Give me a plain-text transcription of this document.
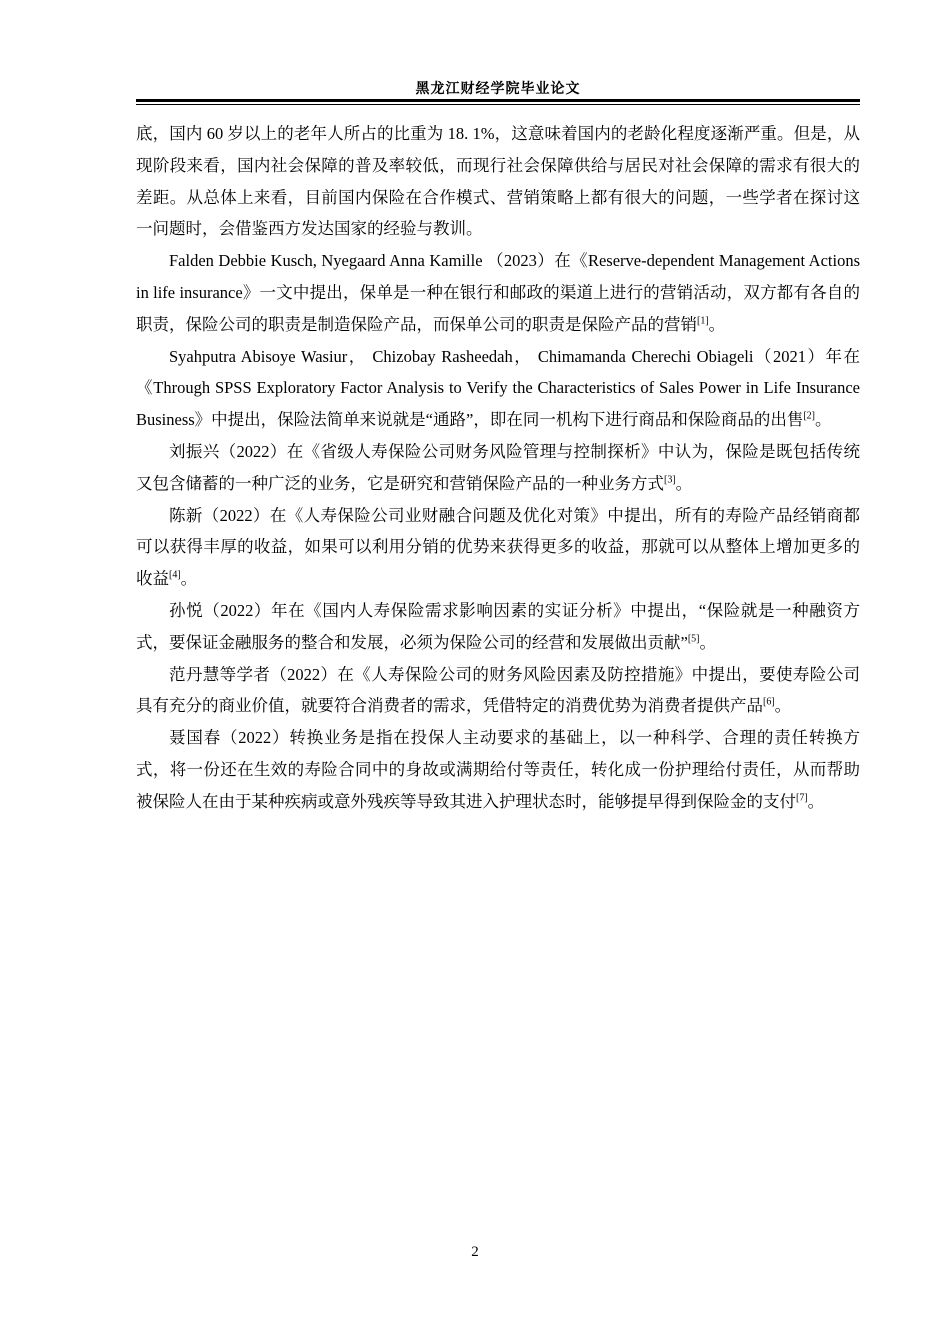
黑龙江财经学院毕业论文

底，国内 60 岁以上的老年人所占的比重为 18. 1%，这意味着国内的老龄化程度逐渐严重。但是，从现阶段来看，国内社会保障的普及率较低，而现行社会保障供给与居民对社会保障的需求有很大的差距。从总体上来看，目前国内保险在合作模式、营销策略上都有很大的问题，一些学者在探讨这一问题时，会借鉴西方发达国家的经验与教训。

Falden Debbie Kusch, Nyegaard Anna Kamille （2023）在《Reserve-dependent Management Actions in life insurance》一文中提出，保单是一种在银行和邮政的渠道上进行的营销活动，双方都有各自的职责，保险公司的职责是制造保险产品，而保单公司的职责是保险产品的营销[1]。

Syahputra Abisoye Wasiur， Chizobay Rasheedah， Chimamanda Cherechi Obiageli（2021）年在《Through SPSS Exploratory Factor Analysis to Verify the Characteristics of Sales Power in Life Insurance Business》中提出，保险法简单来说就是“通路”，即在同一机构下进行商品和保险商品的出售[2]。

刘振兴（2022）在《省级人寿保险公司财务风险管理与控制探析》中认为，保险是既包括传统又包含储蓄的一种广泛的业务，它是研究和营销保险产品的一种业务方式[3]。

陈新（2022）在《人寿保险公司业财融合问题及优化对策》中提出，所有的寿险产品经销商都可以获得丰厚的收益，如果可以利用分销的优势来获得更多的收益，那就可以从整体上增加更多的收益[4]。

孙悦（2022）年在《国内人寿保险需求影响因素的实证分析》中提出，“保险就是一种融资方式，要保证金融服务的整合和发展，必须为保险公司的经营和发展做出贡献”[5]。

范丹慧等学者（2022）在《人寿保险公司的财务风险因素及防控措施》中提出，要使寿险公司具有充分的商业价值，就要符合消费者的需求，凭借特定的消费优势为消费者提供产品[6]。

聂国春（2022）转换业务是指在投保人主动要求的基础上，以一种科学、合理的责任转换方式，将一份还在生效的寿险合同中的身故或满期给付等责任，转化成一份护理给付责任，从而帮助被保险人在由于某种疾病或意外残疾等导致其进入护理状态时，能够提早得到保险金的支付[7]。

2
